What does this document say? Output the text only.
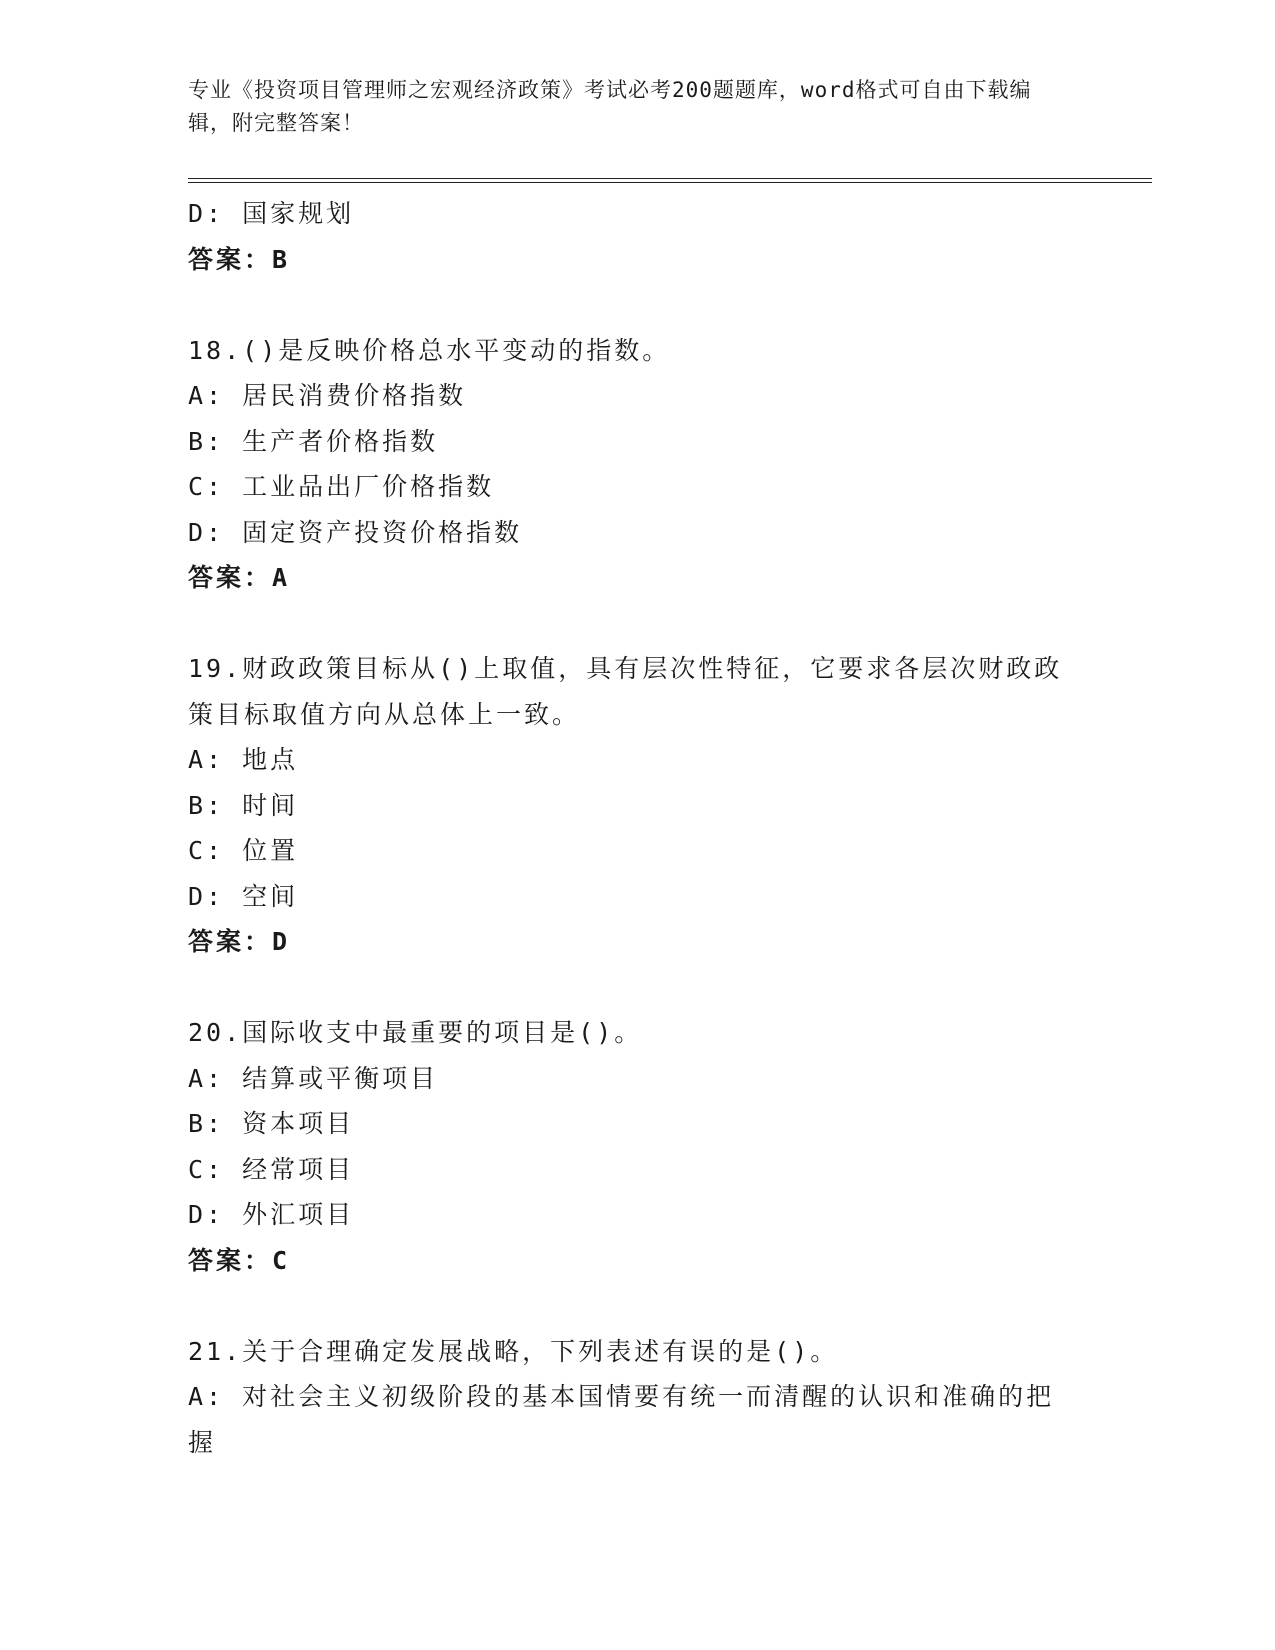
专业《投资项目管理师之宏观经济政策》考试必考200题题库，word格式可自由下载编辑，附完整答案！

D: 国家规划

答案：B

18.()是反映价格总水平变动的指数。

A: 居民消费价格指数

B: 生产者价格指数

C: 工业品出厂价格指数

D: 固定资产投资价格指数

答案：A

19.财政政策目标从()上取值，具有层次性特征，它要求各层次财政政策目标取值方向从总体上一致。

A: 地点

B: 时间

C: 位置

D: 空间

答案：D

20.国际收支中最重要的项目是()。

A: 结算或平衡项目

B: 资本项目

C: 经常项目

D: 外汇项目

答案：C

21.关于合理确定发展战略，下列表述有误的是()。

A: 对社会主义初级阶段的基本国情要有统一而清醒的认识和准确的把握
